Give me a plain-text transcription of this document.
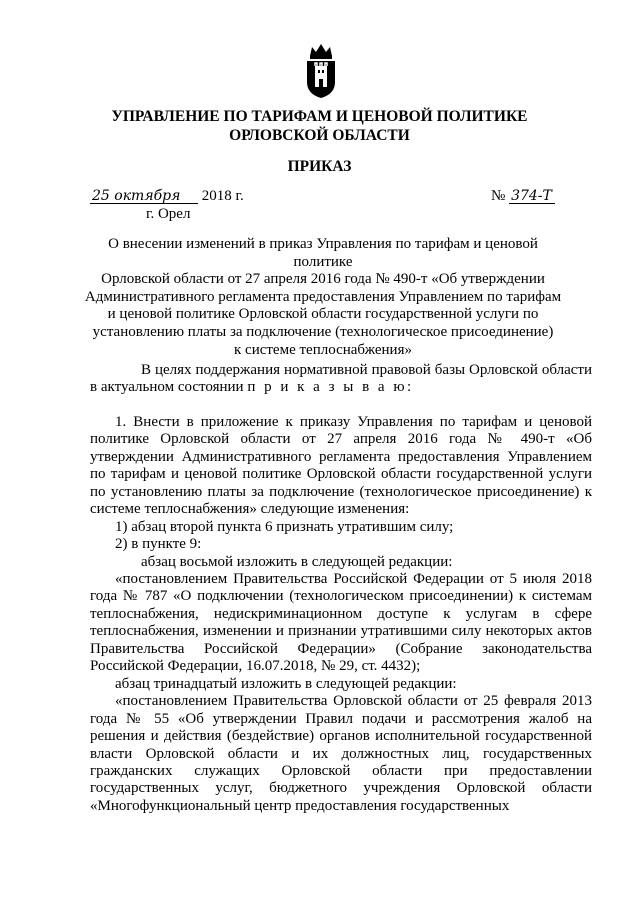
УПРАВЛЕНИЕ ПО ТАРИФАМ И ЦЕНОВОЙ ПОЛИТИКЕ
ОРЛОВСКОЙ ОБЛАСТИ
ПРИКАЗ
25 октября 2018 г.
г. Орел
№ 374-Т
О внесении изменений в приказ Управления по тарифам и ценовой политике
Орловской области от 27 апреля 2016 года № 490-т «Об утверждении
Административного регламента предоставления Управлением по тарифам
и ценовой политике Орловской области государственной услуги по
установлению платы за подключение (технологическое присоединение)
к системе теплоснабжения»

В целях поддержания нормативной правовой базы Орловской области в актуальном состоянии п р и к а з ы в а ю:

1. Внести в приложение к приказу Управления по тарифам и ценовой политике Орловской области от 27 апреля 2016 года № 490-т «Об утверждении Административного регламента предоставления Управлением по тарифам и ценовой политике Орловской области государственной услуги по установлению платы за подключение (технологическое присоединение) к системе теплоснабжения» следующие изменения:

1) абзац второй пункта 6 признать утратившим силу;

2) в пункте 9:

абзац восьмой изложить в следующей редакции:

«постановлением Правительства Российской Федерации от 5 июля 2018 года № 787 «О подключении (технологическом присоединении) к системам теплоснабжения, недискриминационном доступе к услугам в сфере теплоснабжения, изменении и признании утратившими силу некоторых актов Правительства Российской Федерации» (Собрание законодательства Российской Федерации, 16.07.2018, № 29, ст. 4432);

абзац тринадцатый изложить в следующей редакции:

«постановлением Правительства Орловской области от 25 февраля 2013 года № 55 «Об утверждении Правил подачи и рассмотрения жалоб на решения и действия (бездействие) органов исполнительной государственной власти Орловской области и их должностных лиц, государственных гражданских служащих Орловской области при предоставлении государственных услуг, бюджетного учреждения Орловской области «Многофункциональный центр предоставления государственных
